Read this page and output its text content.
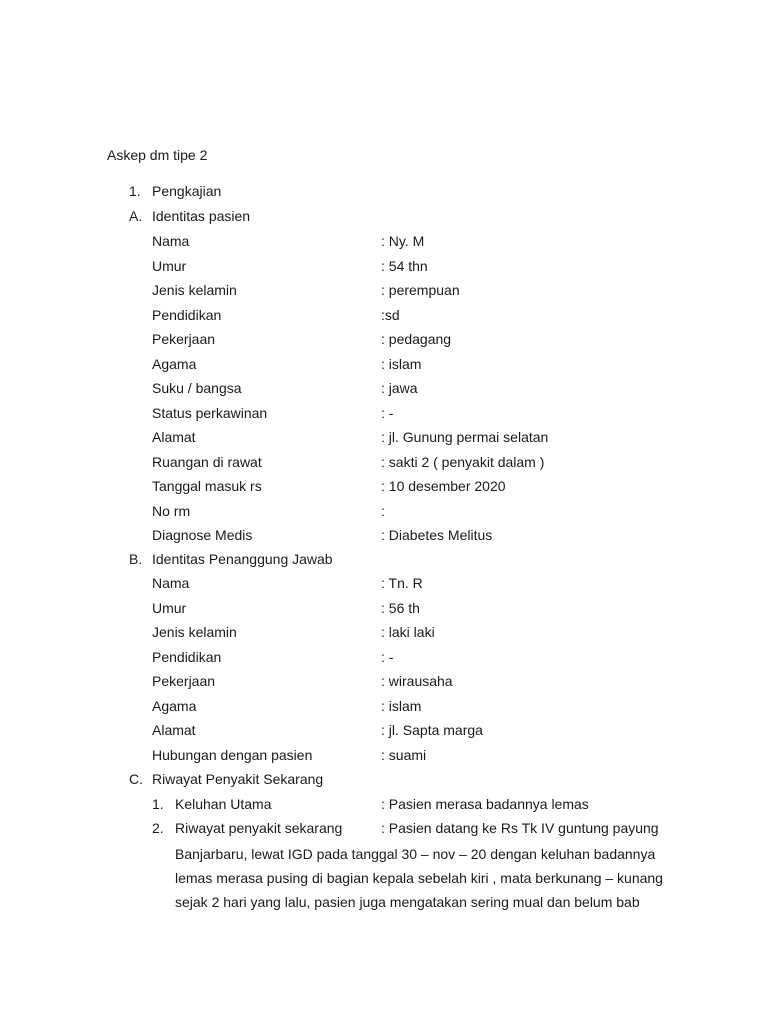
Askep dm tipe 2
1. Pengkajian
A. Identitas pasien
Nama	: Ny. M
Umur	: 54 thn
Jenis kelamin	: perempuan
Pendidikan	:sd
Pekerjaan	: pedagang
Agama	: islam
Suku / bangsa	: jawa
Status perkawinan	: -
Alamat	: jl. Gunung permai selatan
Ruangan di rawat	: sakti 2 ( penyakit dalam )
Tanggal masuk rs	: 10 desember 2020
No rm	:
Diagnose Medis	: Diabetes Melitus
B. Identitas Penanggung Jawab
Nama	: Tn. R
Umur	: 56 th
Jenis kelamin	: laki laki
Pendidikan	: -
Pekerjaan	: wirausaha
Agama	: islam
Alamat	: jl. Sapta marga
Hubungan dengan pasien	: suami
C. Riwayat Penyakit Sekarang
1. Keluhan Utama	: Pasien merasa badannya lemas
2. Riwayat penyakit sekarang	: Pasien datang ke Rs Tk IV guntung payung
Banjarbaru, lewat IGD pada tanggal 30 – nov – 20 dengan keluhan badannya
lemas merasa pusing di bagian kepala sebelah kiri , mata berkunang – kunang
sejak 2 hari yang lalu, pasien juga mengatakan sering mual dan belum bab
